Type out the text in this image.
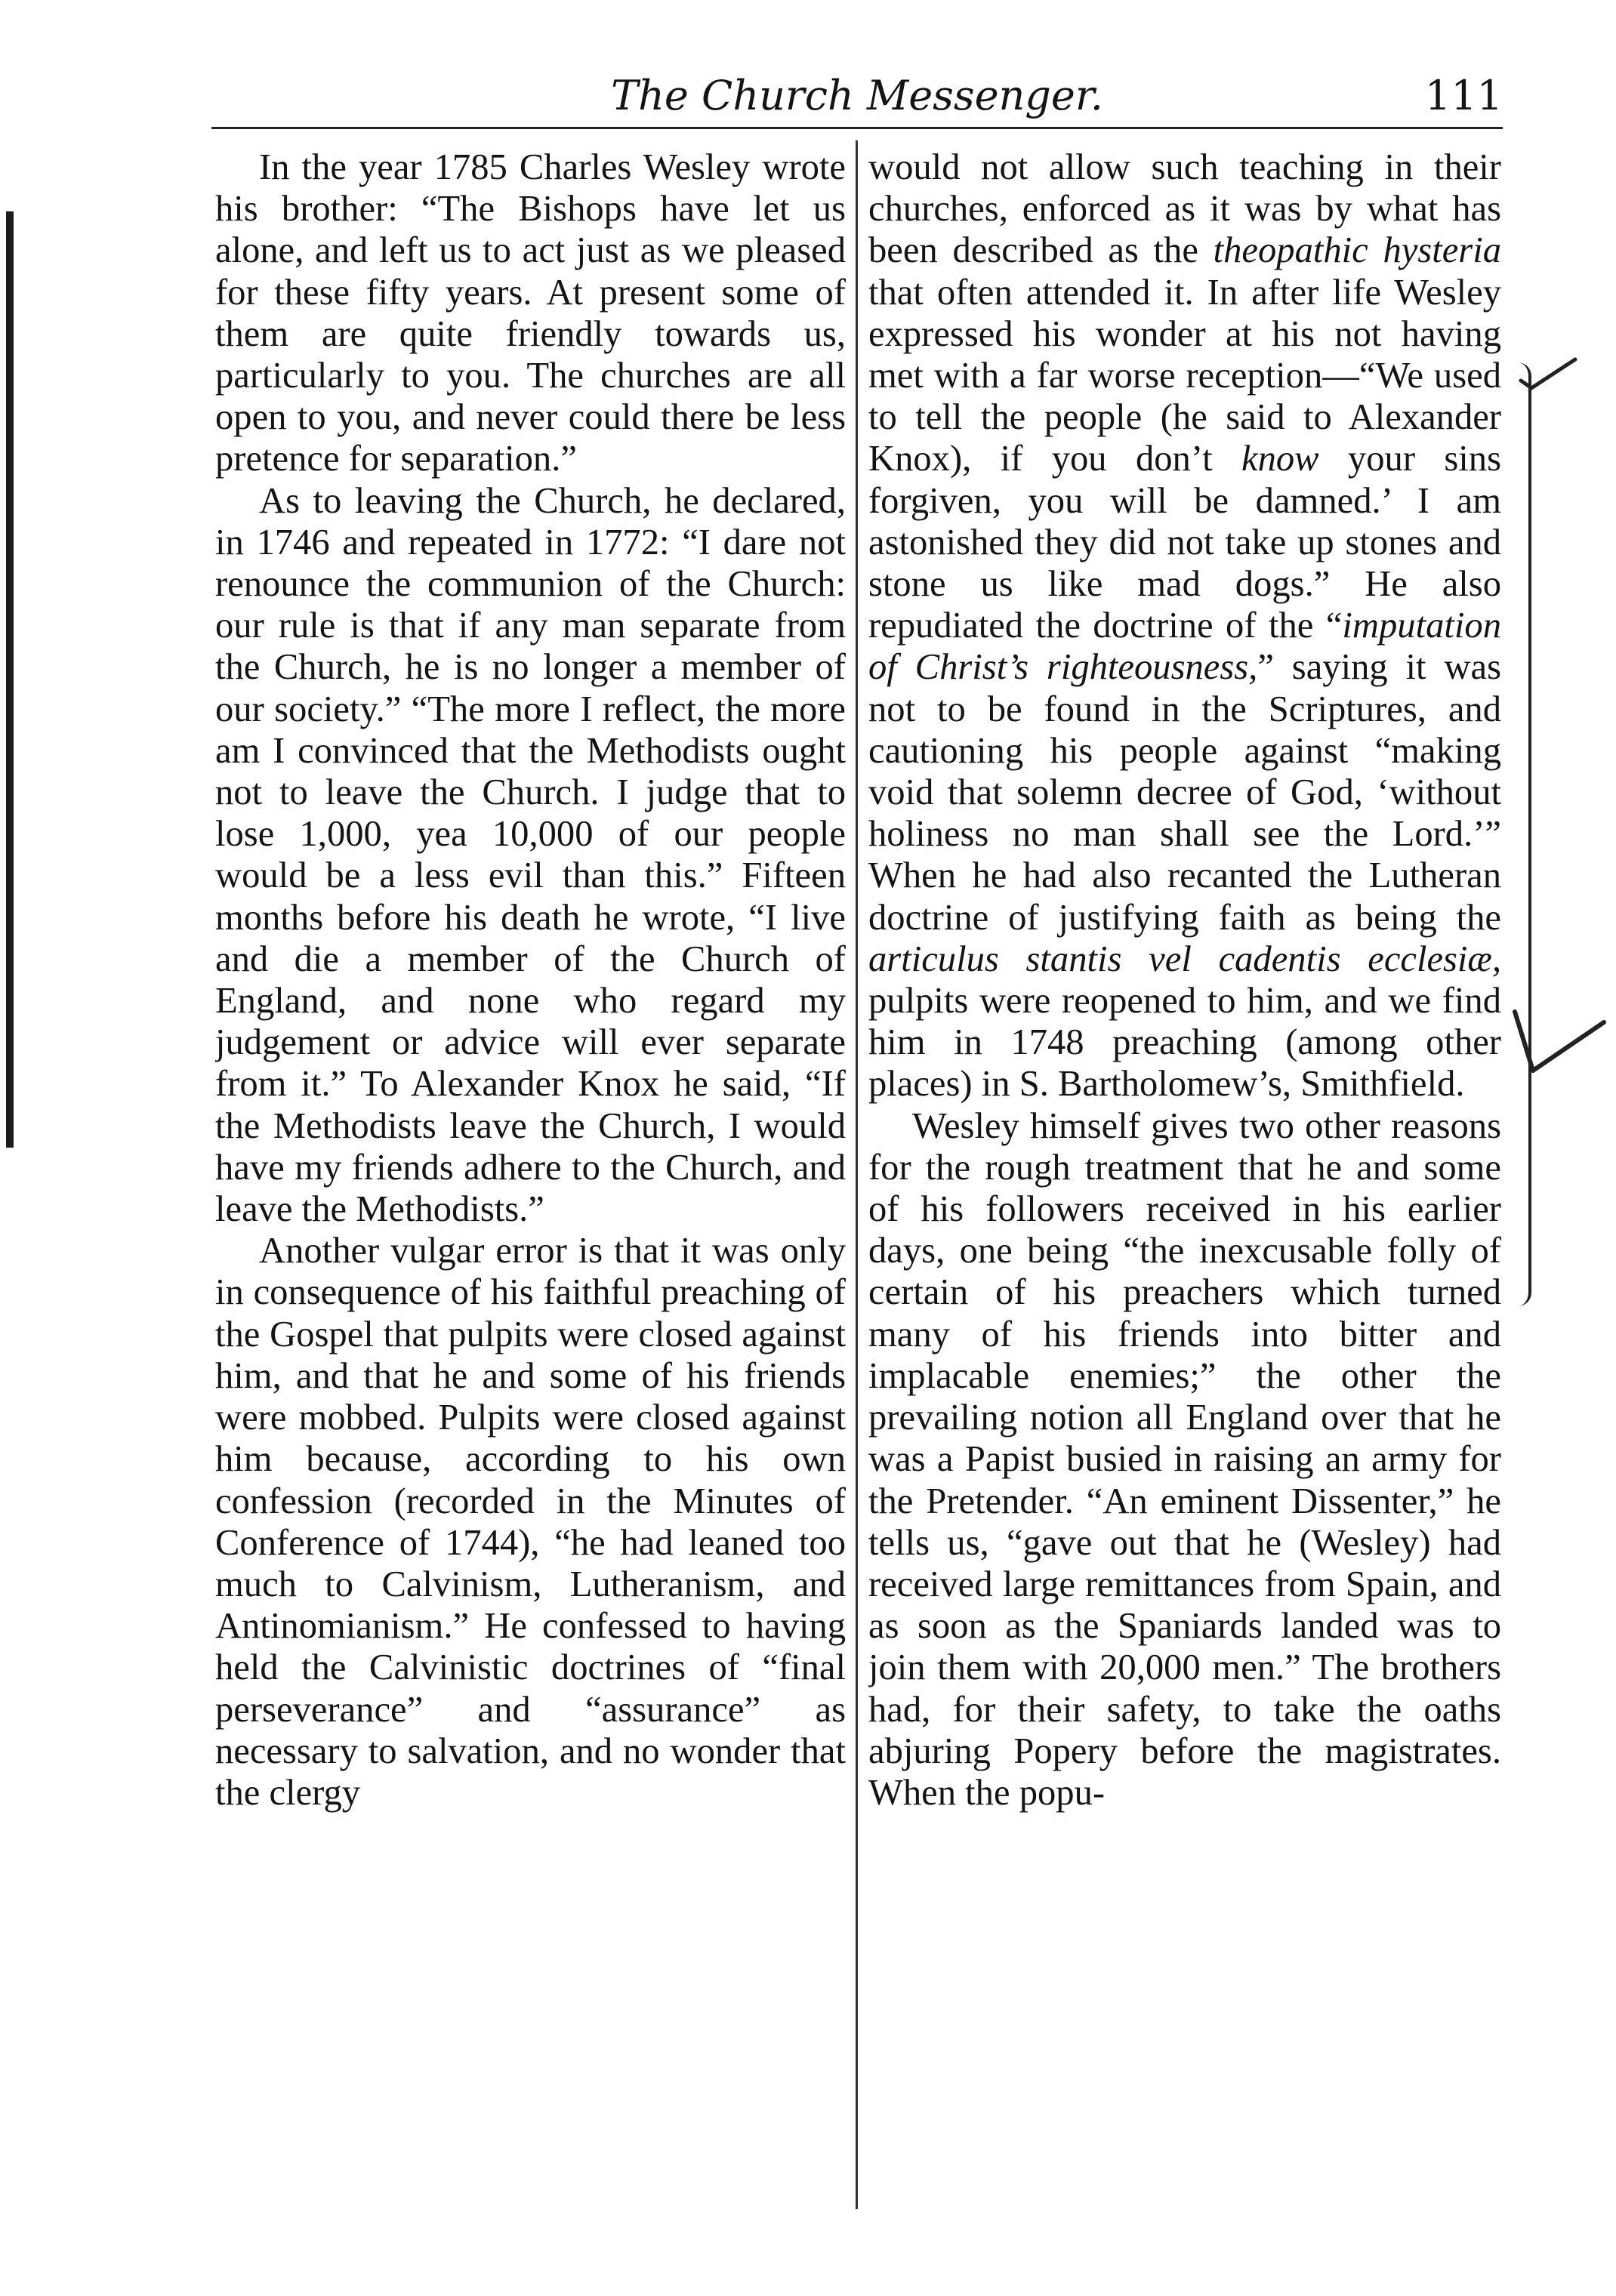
The Church Messenger.	111

In the year 1785 Charles Wesley wrote his brother: “The Bishops have let us alone, and left us to act just as we pleased for these fifty years. At present some of them are quite friendly towards us, particularly to you. The churches are all open to you, and never could there be less pretence for separation.”

As to leaving the Church, he declared, in 1746 and repeated in 1772: “I dare not renounce the communion of the Church: our rule is that if any man separate from the Church, he is no longer a member of our society.” “The more I reflect, the more am I convinced that the Methodists ought not to leave the Church. I judge that to lose 1,000, yea 10,000 of our people would be a less evil than this.” Fifteen months before his death he wrote, “I live and die a member of the Church of England, and none who regard my judgement or advice will ever separate from it.” To Alexander Knox he said, “If the Methodists leave the Church, I would have my friends adhere to the Church, and leave the Methodists.”

Another vulgar error is that it was only in consequence of his faithful preaching of the Gospel that pulpits were closed against him, and that he and some of his friends were mobbed. Pulpits were closed against him because, according to his own confession (recorded in the Minutes of Conference of 1744), “he had leaned too much to Calvinism, Lutheranism, and Antinomianism.” He confessed to having held the Calvinistic doctrines of “final perseverance” and “assurance” as necessary to salvation, and no wonder that the clergy

would not allow such teaching in their churches, enforced as it was by what has been described as the theopathic hysteria that often attended it. In after life Wesley expressed his wonder at his not having met with a far worse reception—“We used to tell the people (he said to Alexander Knox), if you don’t know your sins forgiven, you will be damned.’ I am astonished they did not take up stones and stone us like mad dogs.” He also repudiated the doctrine of the “imputation of Christ’s righteousness,” saying it was not to be found in the Scriptures, and cautioning his people against “making void that solemn decree of God, ‘without holiness no man shall see the Lord.’” When he had also recanted the Lutheran doctrine of justifying faith as being the articulus stantis vel cadentis ecclesiæ, pulpits were reopened to him, and we find him in 1748 preaching (among other places) in S. Bartholomew’s, Smithfield.

Wesley himself gives two other reasons for the rough treatment that he and some of his followers received in his earlier days, one being “the inexcusable folly of certain of his preachers which turned many of his friends into bitter and implacable enemies;” the other the prevailing notion all England over that he was a Papist busied in raising an army for the Pretender. “An eminent Dissenter,” he tells us, “gave out that he (Wesley) had received large remittances from Spain, and as soon as the Spaniards landed was to join them with 20,000 men.” The brothers had, for their safety, to take the oaths abjuring Popery before the magistrates. When the popu-
